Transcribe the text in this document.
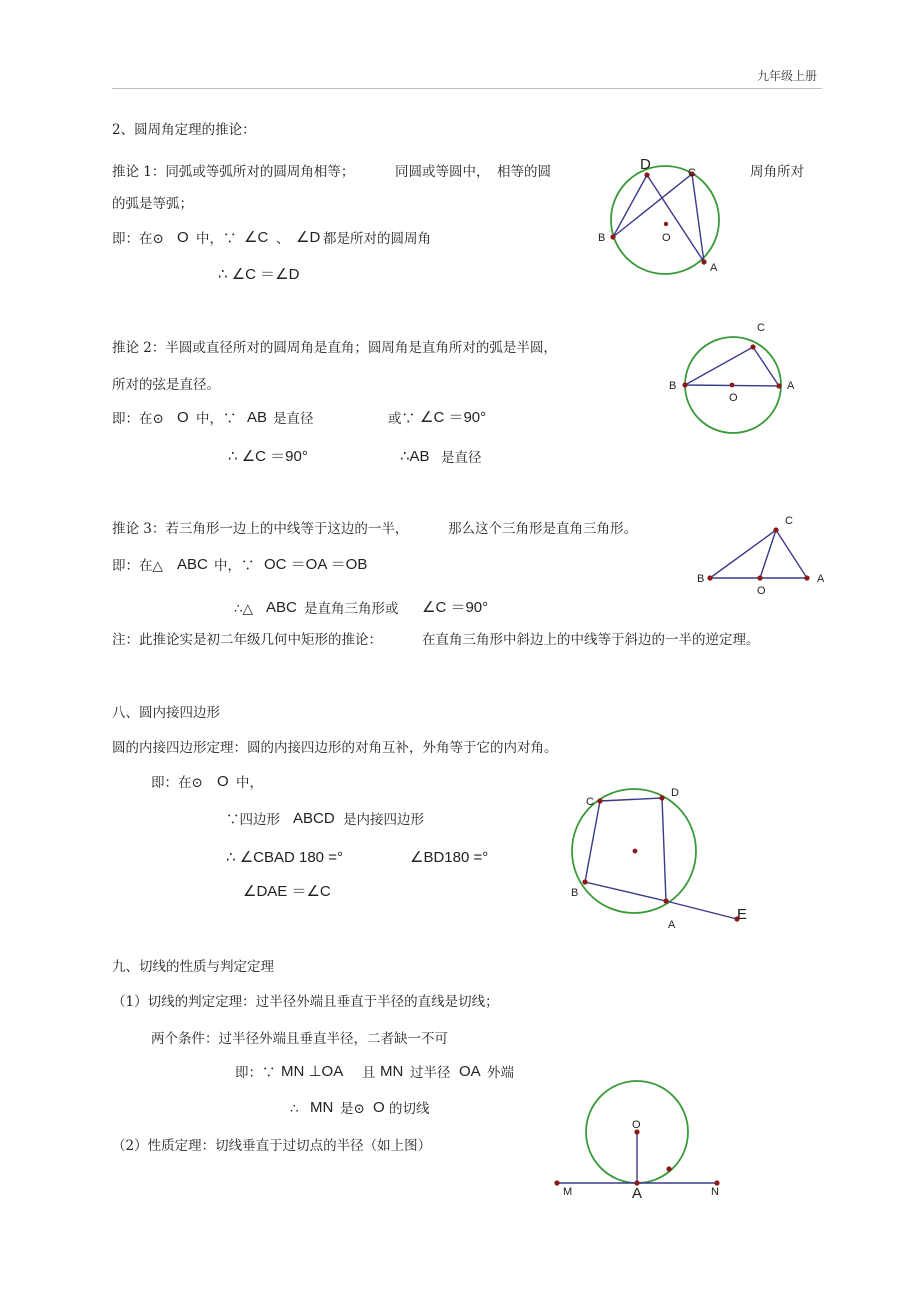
九年级上册
2、圆周角定理的推论：
推论 1：同弧或等弧所对的圆周角相等；	同圆或等圆中， 相等的圆	周角所对
的弧是等弧；
即：在⊙ O 中，∵ ∠C 、 ∠D 都是所对的圆周角
∴ ∠C ＝∠D
D	C
B	O
A
推论 2：半圆或直径所对的圆周角是直角；圆周角是直角所对的弧是半圆，
所对的弦是直径。
即：在⊙ O 中，∵ AB 是直径	或∵ ∠C ＝90°
∴ ∠C ＝90°	∴AB 是直径
C
B
O
A
推论 3：若三角形一边上的中线等于这边的一半，	那么这个三角形是直角三角形。
即：在△ ABC 中，∵ OC ＝OA ＝OB
∴△ ABC 是直角三角形或 ∠C ＝90°
C
B
O
A
注：此推论实是初二年级几何中矩形的推论：	在直角三角形中斜边上的中线等于斜边的一半的逆定理。
八、圆内接四边形
圆的内接四边形定理：圆的内接四边形的对角互补，外角等于它的内对角。
即：在⊙ O 中，
∵四边形 ABCD 是内接四边形
∴ ∠CBAD 180 =°	∠BD180 =°
∠DAE ＝∠C
C
D
B
A
E
九、切线的性质与判定定理
（1）切线的判定定理：过半径外端且垂直于半径的直线是切线；
两个条件：过半径外端且垂直半径，二者缺一不可
即：∵ MN ⊥OA 且 MN 过半径 OA 外端
∴ MN 是⊙ O 的切线
（2）性质定理：切线垂直于过切点的半径（如上图）
O
M	A	N
